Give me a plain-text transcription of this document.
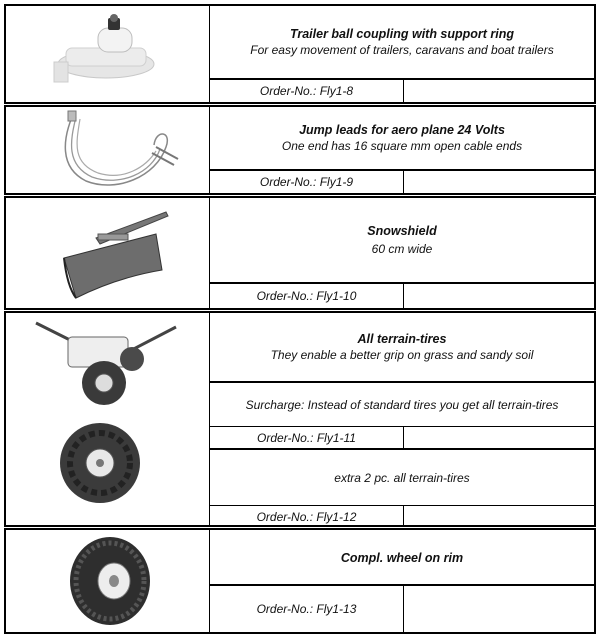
Trailer ball coupling with support ring
For easy movement of trailers, caravans and boat trailers
Order-No.: Fly1-8
Jump leads for aero plane 24 Volts
One end has 16 square mm open cable ends
Order-No.: Fly1-9
Snowshield
60 cm wide
Order-No.: Fly1-10
All terrain-tires
They enable a better grip on grass and sandy soil
Surcharge: Instead of standard tires you get all terrain-tires
Order-No.: Fly1-11
extra 2 pc. all terrain-tires
Order-No.: Fly1-12
Compl. wheel on rim
Order-No.: Fly1-13
